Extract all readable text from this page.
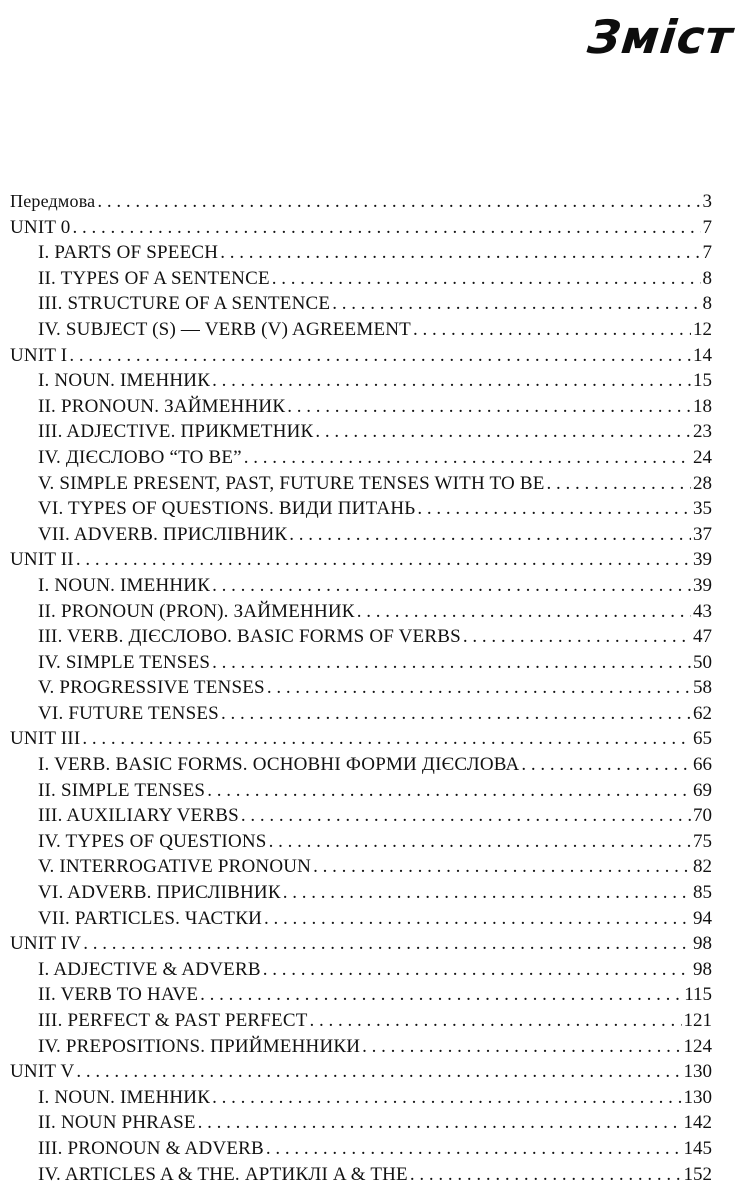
Зміст
Передмова . . .	3
UNIT 0 . . .	7
I. PARTS OF SPEECH . . .	7
II. TYPES OF A SENTENCE . . .	8
III. STRUCTURE OF A SENTENCE . . .	8
IV. SUBJECT (S) — VERB (V) AGREEMENT . . .	12
UNIT I . . .	14
I. NOUN. ІМЕННИК . . .	15
II. PRONOUN. ЗАЙМЕННИК . . .	18
III. ADJECTIVE. ПРИКМЕТНИК . . .	23
IV. ДІЄСЛОВО “TO BE” . . .	24
V. SIMPLE PRESENT, PAST, FUTURE TENSES WITH TO BE . . .	28
VI. TYPES OF QUESTIONS. ВИДИ ПИТАНЬ . . .	35
VII. ADVERB. ПРИСЛІВНИК . . .	37
UNIT II . . .	39
I. NOUN. ІМЕННИК . . .	39
II. PRONOUN (PRON). ЗАЙМЕННИК . . .	43
III. VERB. ДІЄСЛОВО. BASIC FORMS OF VERBS . . .	47
IV. SIMPLE TENSES . . .	50
V. PROGRESSIVE TENSES . . .	58
VI. FUTURE TENSES . . .	62
UNIT III . . .	65
I. VERB. BASIC FORMS. ОСНОВНІ ФОРМИ ДІЄСЛОВА . . .	66
II. SIMPLE TENSES . . .	69
III. AUXILIARY VERBS . . .	70
IV. TYPES OF QUESTIONS . . .	75
V. INTERROGATIVE PRONOUN . . .	82
VI. ADVERB. ПРИСЛІВНИК . . .	85
VII. PARTICLES. ЧАСТКИ . . .	94
UNIT IV . . .	98
I. ADJECTIVE & ADVERB . . .	98
II. VERB TO HAVE . . .	115
III. PERFECT & PAST PERFECT . . .	121
IV. PREPOSITIONS. ПРИЙМЕННИКИ . . .	124
UNIT V . . .	130
I. NOUN. ІМЕННИК . . .	130
II. NOUN PHRASE . . .	142
III. PRONOUN & ADVERB . . .	145
IV. ARTICLES A & THE. АРТИКЛІ A & THE . . .	152
